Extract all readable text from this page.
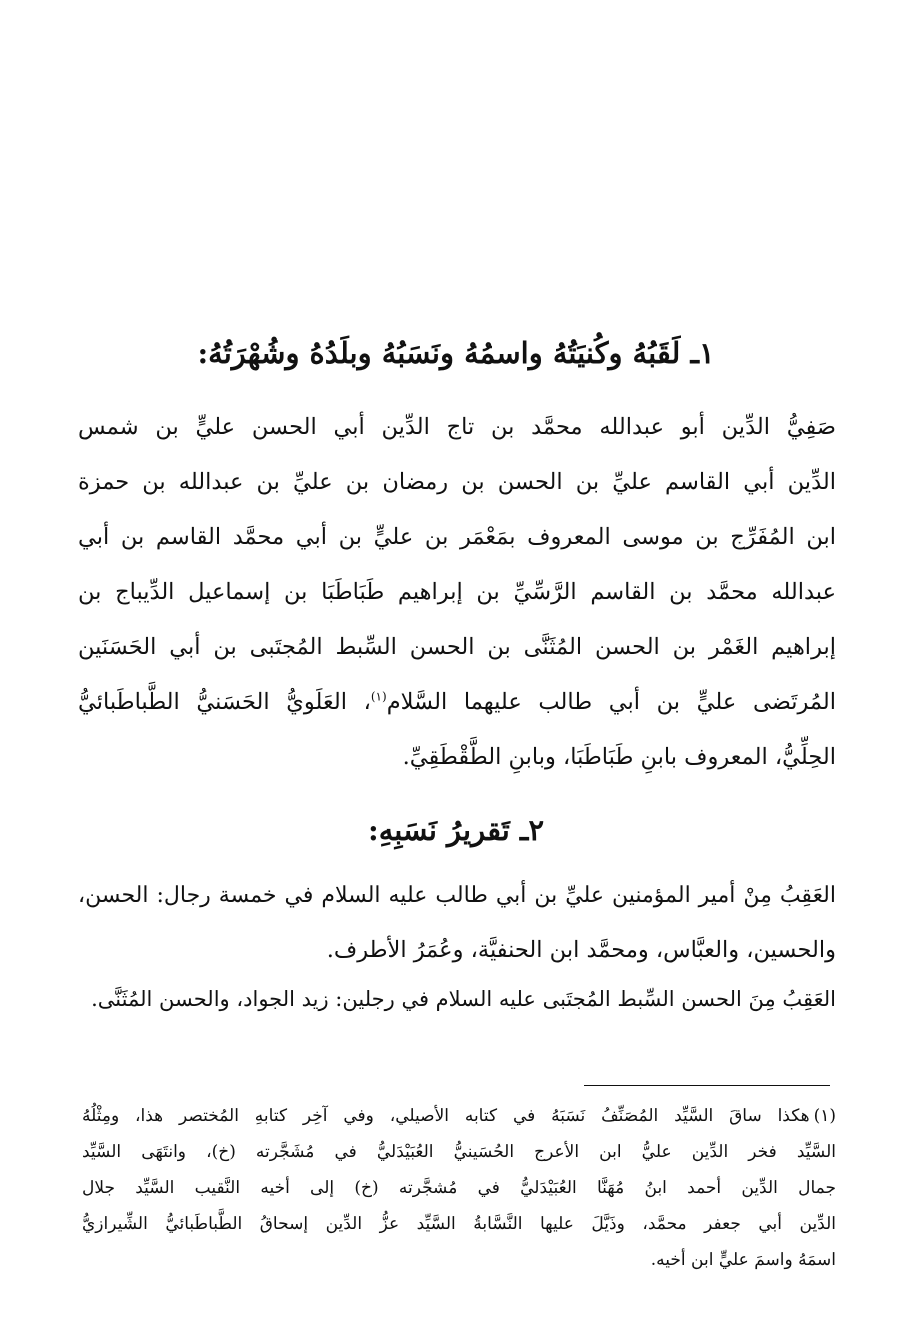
١ـ لَقَبُهُ وكُنيَتُهُ واسمُهُ ونَسَبُهُ وبلَدُهُ وشُهْرَتُهُ:
صَفِيُّ الدِّين أبو عبدالله محمَّد بن تاج الدِّين أبي الحسن عليٍّ بن شمس
الدِّين أبي القاسم عليِّ بن الحسن بن رمضان بن عليِّ بن عبدالله بن حمزة
ابن المُفَرِّج بن موسى المعروف بمَعْمَر بن عليٍّ بن أبي محمَّد القاسم بن أبي
عبدالله محمَّد بن القاسم الرَّسِّيِّ بن إبراهيم طَبَاطَبَا بن إسماعيل الدِّيباج بن
إبراهيم الغَمْر بن الحسن المُثَنَّى بن الحسن السِّبط المُجتَبى بن أبي الحَسَنَين
المُرتَضى عليٍّ بن أبي طالب عليهما السَّلام$^{(١)}$، العَلَويُّ الحَسَنيُّ الطَّباطَبائيُّ
الحِلِّيُّ، المعروف بابنِ طَبَاطَبَا، وبابنِ الطَّقْطَقِيِّ.
٢ـ تَقريرُ نَسَبِهِ:
العَقِبُ مِنْ أمير المؤمنين عليِّ بن أبي طالب عليه السلام في خمسة رجال: الحسن،
والحسين، والعبَّاس، ومحمَّد ابن الحنفيَّة، وعُمَرُ الأطرف.
العَقِبُ مِنَ الحسن السِّبط المُجتَبى عليه السلام في رجلين: زيد الجواد، والحسن المُثَنَّى.
(١)هكذا ساقَ السَّيِّد المُصَنِّفُ نَسَبَهُ في كتابه الأصيلي، وفي آخِر كتابهِ المُختصر هذا، ومِثْلُهُ
السَّيِّد فخر الدِّين عليُّ ابن الأعرج الحُسَينيُّ العُبَيْدَليُّ في مُشَجَّرته (خ)، وانتَهَى السَّيِّد
جمال الدِّين أحمد ابنُ مُهَنَّا العُبَيْدَليُّ في مُشجَّرته (خ) إلى أخيه النَّقيب السَّيِّد جلال
الدِّين أبي جعفر محمَّد، وذَيَّلَ عليها النَّسَّابةُ السَّيِّد عزُّ الدِّين إسحاقُ الطَّباطَبائيُّ الشِّيرازيُّ
اسمَهُ واسمَ عليٍّ ابن أخيه.
